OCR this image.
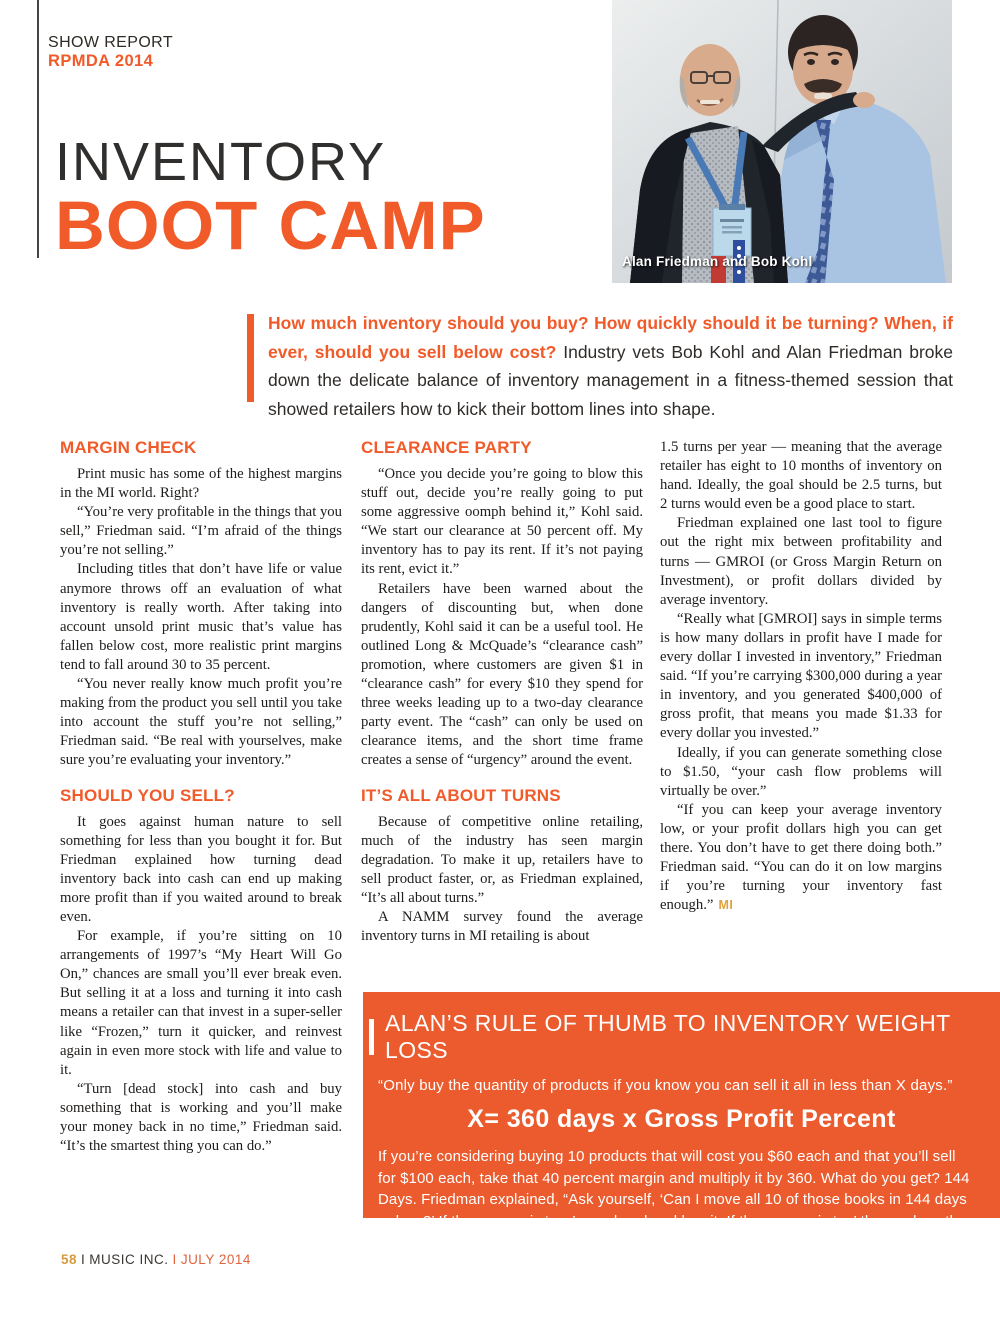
SHOW REPORT
RPMDA 2014
INVENTORY
BOOT CAMP	Alan Friedman and Bob Kohl
How much inventory should you buy? How quickly should it be turning? When, if ever, should you sell below cost? Industry vets Bob Kohl and Alan Friedman broke down the delicate balance of inventory management in a fitness-themed session that showed retailers how to kick their bottom lines into shape.
MARGIN CHECK

Print music has some of the highest margins in the MI world. Right?

“You’re very profitable in the things that you sell,” Friedman said. “I’m afraid of the things you’re not selling.”

Including titles that don’t have life or value anymore throws off an evaluation of what inventory is really worth. After taking into account unsold print music that’s value has fallen below cost, more realistic print margins tend to fall around 30 to 35 percent.

“You never really know much profit you’re making from the product you sell until you take into account the stuff you’re not selling,” Friedman said. “Be real with yourselves, make sure you’re evaluating your inventory.”

SHOULD YOU SELL?

It goes against human nature to sell something for less than you bought it for. But Friedman explained how turning dead inventory back into cash can end up making more profit than if you waited around to break even.

For example, if you’re sitting on 10 arrangements of 1997’s “My Heart Will Go On,” chances are small you’ll ever break even. But selling it at a loss and turning it into cash means a retailer can that invest in a super-seller like “Frozen,” turn it quicker, and reinvest again in even more stock with life and value to it.

“Turn [dead stock] into cash and buy something that is working and you’ll make your money back in no time,” Friedman said. “It’s the smartest thing you can do.”

CLEARANCE PARTY

“Once you decide you’re going to blow this stuff out, decide you’re really going to put some aggressive oomph behind it,” Kohl said. “We start our clearance at 50 percent off. My inventory has to pay its rent. If it’s not paying its rent, evict it.”

Retailers have been warned about the dangers of discounting but, when done prudently, Kohl said it can be a useful tool. He outlined Long & McQuade’s “clearance cash” promotion, where customers are given $1 in “clearance cash” for every $10 they spend for three weeks leading up to a two-day clearance party event. The “cash” can only be used on clearance items, and the short time frame creates a sense of “urgency” around the event.

IT’S ALL ABOUT TURNS

Because of competitive online retailing, much of the industry has seen margin degradation. To make it up, retailers have to sell product faster, or, as Friedman explained, “It’s all about turns.”

A NAMM survey found the average inventory turns in MI retailing is about

1.5 turns per year — meaning that the average retailer has eight to 10 months of inventory on hand. Ideally, the goal should be 2.5 turns, but 2 turns would even be a good place to start.

Friedman explained one last tool to figure out the right mix between profitability and turns — GMROI (or Gross Margin Return on Investment), or profit dollars divided by average inventory.

“Really what [GMROI] says in simple terms is how many dollars in profit have I made for every dollar I invested in inventory,” Friedman said. “If you’re carrying $300,000 during a year in inventory, and you generated $400,000 of gross profit, that means you made $1.33 for every dollar you invested.”

Ideally, if you can generate something close to $1.50, “your cash flow problems will virtually be over.”

“If you can keep your average inventory low, or your profit dollars high you can get there. You don’t have to get there doing both.” Friedman said. “You can do it on low margins if you’re turning your inventory fast enough.” MI

ALAN’S RULE OF THUMB TO INVENTORY WEIGHT LOSS
“Only buy the quantity of products if you know you can sell it all in less than X days.”
X= 360 days x Gross Profit Percent
If you’re considering buying 10 products that will cost you $60 each and that you’ll sell for $100 each, take that 40 percent margin and multiply it by 360. What do you get? 144 Days. Friedman explained, “Ask yourself, ‘Can I move all 10 of those books in 144 days or less?’ If the answer is ‘yes’, go ahead and buy it. If the answer is ‘no’ then reduce the quantity until the answer becomes ‘yes.’”
58 I MUSIC INC. I JULY 2014
